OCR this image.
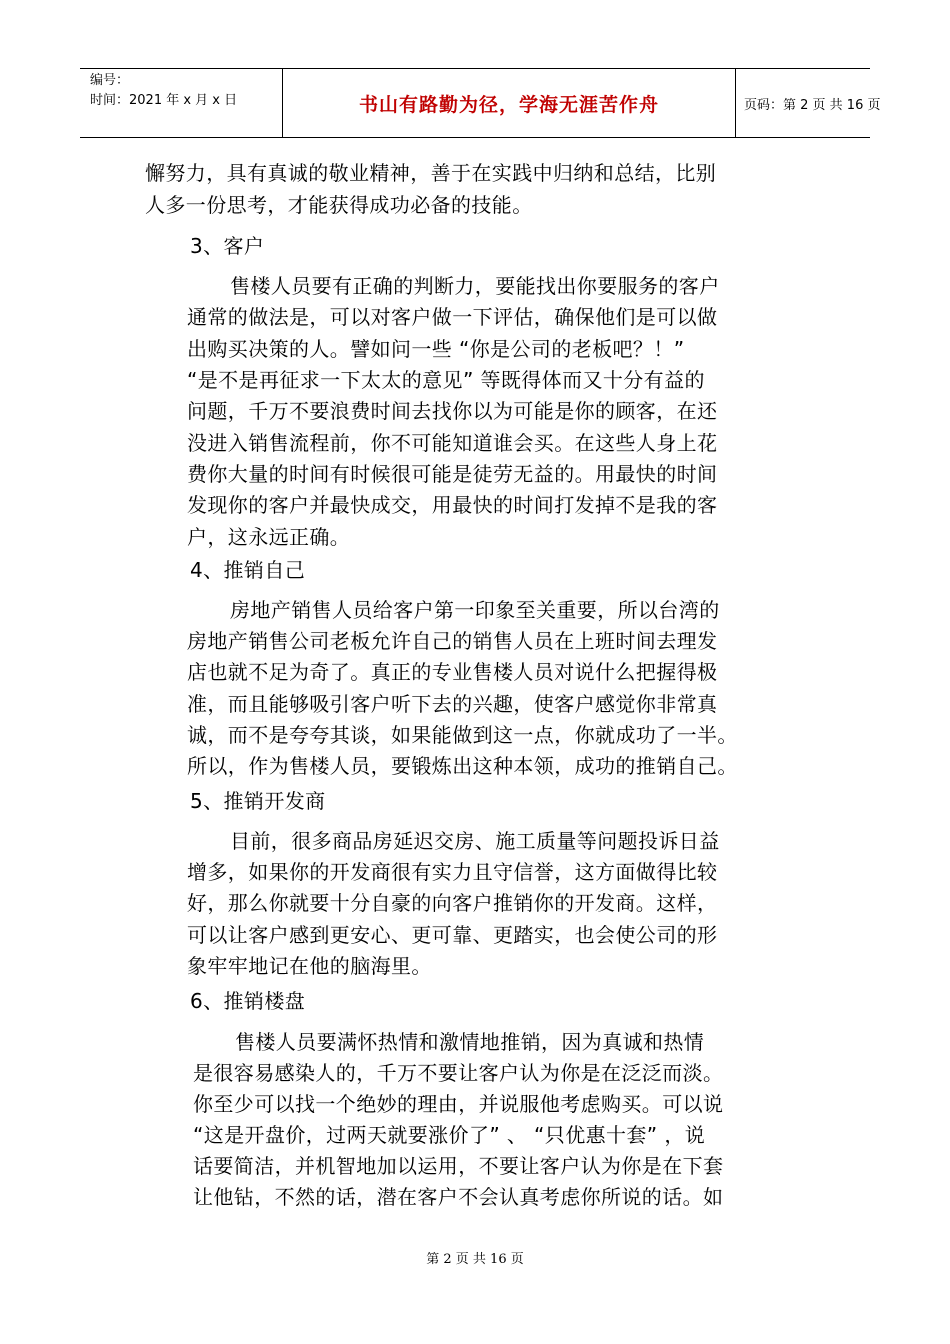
编号：
时间：2021 年 x 月 x 日	书山有路勤为径，学海无涯苦作舟	页码：第 2 页 共 16 页
懈努力，具有真诚的敬业精神，善于在实践中归纳和总结，比别
人多一份思考，才能获得成功必备的技能。
3、客户
售楼人员要有正确的判断力，要能找出你要服务的客户
通常的做法是，可以对客户做一下评估，确保他们是可以做
出购买决策的人。譬如问一些 “你是公司的老板吧？！”
“是不是再征求一下太太的意见” 等既得体而又十分有益的
问题，千万不要浪费时间去找你以为可能是你的顾客，在还
没进入销售流程前，你不可能知道谁会买。在这些人身上花
费你大量的时间有时候很可能是徒劳无益的。用最快的时间
发现你的客户并最快成交，用最快的时间打发掉不是我的客
户，这永远正确。
4、推销自己
房地产销售人员给客户第一印象至关重要，所以台湾的
房地产销售公司老板允许自己的销售人员在上班时间去理发
店也就不足为奇了。真正的专业售楼人员对说什么把握得极
准，而且能够吸引客户听下去的兴趣，使客户感觉你非常真
诚，而不是夸夸其谈，如果能做到这一点，你就成功了一半。
所以，作为售楼人员，要锻炼出这种本领，成功的推销自己。
5、推销开发商
目前，很多商品房延迟交房、施工质量等问题投诉日益
增多，如果你的开发商很有实力且守信誉，这方面做得比较
好，那么你就要十分自豪的向客户推销你的开发商。这样，
可以让客户感到更安心、更可靠、更踏实，也会使公司的形
象牢牢地记在他的脑海里。
6、推销楼盘
售楼人员要满怀热情和激情地推销，因为真诚和热情
是很容易感染人的，千万不要让客户认为你是在泛泛而淡。
你至少可以找一个绝妙的理由，并说服他考虑购买。可以说
“这是开盘价，过两天就要涨价了” 、 “只优惠十套” ，说
话要简洁，并机智地加以运用，不要让客户认为你是在下套
让他钻，不然的话，潜在客户不会认真考虑你所说的话。如
第 2 页 共 16 页
